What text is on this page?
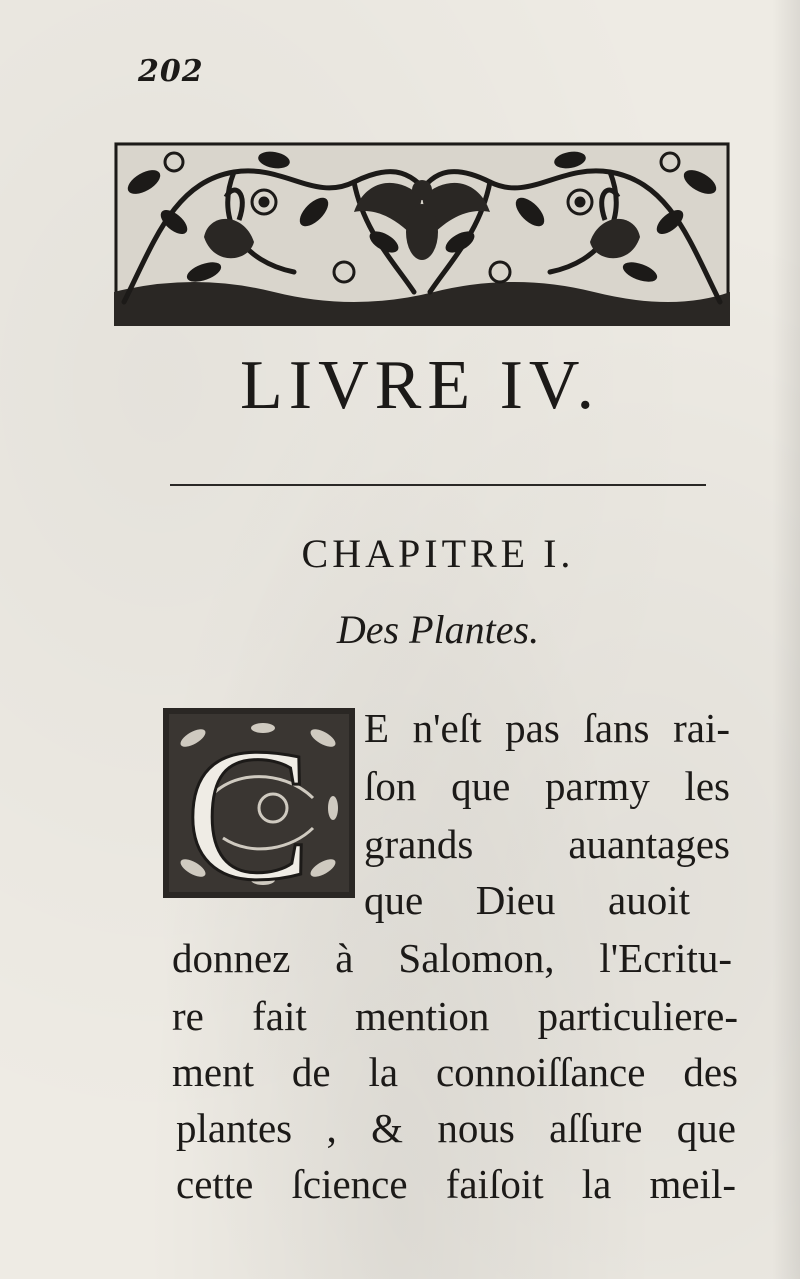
202
LIVRE IV.
CHAPITRE I.
Des Plantes.
C E n'eſt pas ſans rai-
ſon que parmy les
grands auantages
que Dieu auoit
donnez à Salomon, l'Ecritu-
re fait mention particuliere-
ment de la connoiſſance des
plantes , & nous aſſure que
cette ſcience faiſoit la meil-
